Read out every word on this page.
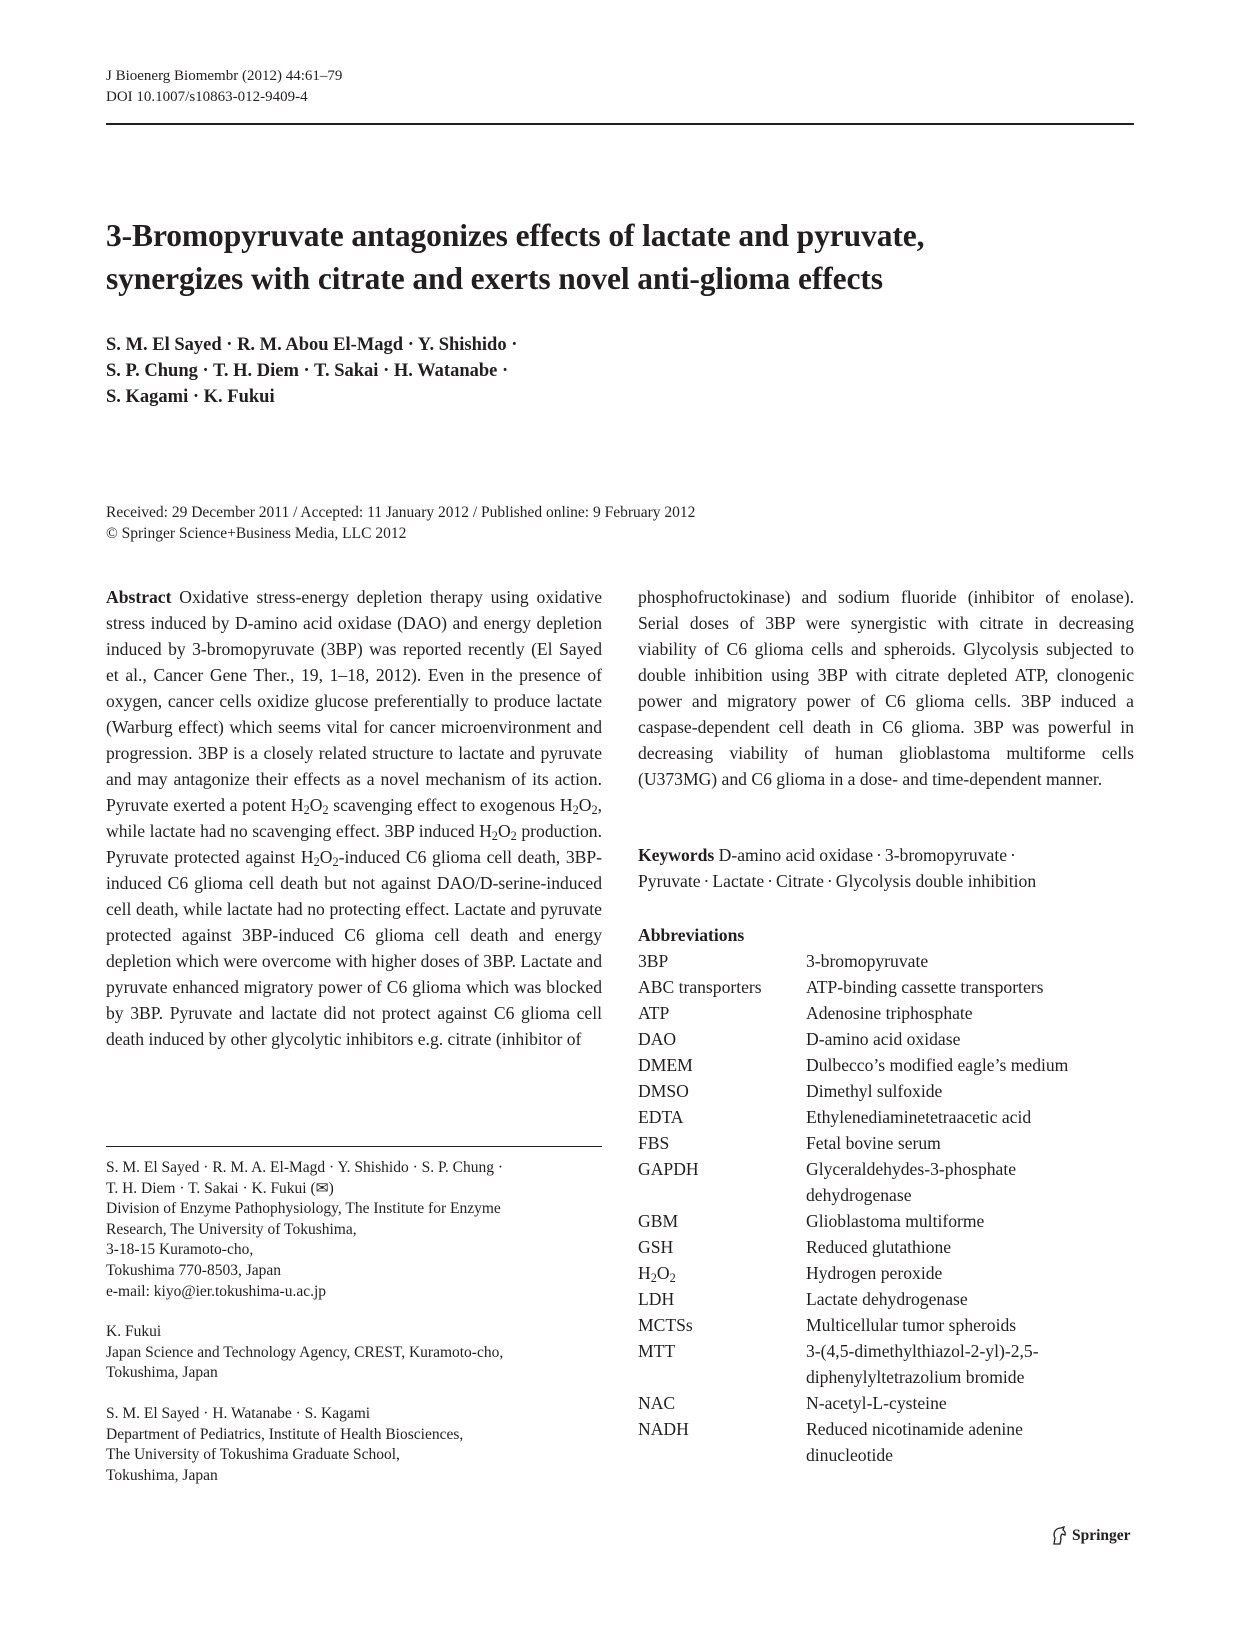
J Bioenerg Biomembr (2012) 44:61–79
DOI 10.1007/s10863-012-9409-4
3-Bromopyruvate antagonizes effects of lactate and pyruvate,
synergizes with citrate and exerts novel anti-glioma effects
S. M. El Sayed · R. M. Abou El-Magd · Y. Shishido ·
S. P. Chung · T. H. Diem · T. Sakai · H. Watanabe ·
S. Kagami · K. Fukui
Received: 29 December 2011 / Accepted: 11 January 2012 / Published online: 9 February 2012
© Springer Science+Business Media, LLC 2012
Abstract Oxidative stress-energy depletion therapy using oxidative stress induced by D-amino acid oxidase (DAO) and energy depletion induced by 3-bromopyruvate (3BP) was reported recently (El Sayed et al., Cancer Gene Ther., 19, 1–18, 2012). Even in the presence of oxygen, cancer cells oxidize glucose preferentially to produce lactate (Warburg effect) which seems vital for cancer microenvironment and progression. 3BP is a closely related structure to lactate and pyruvate and may antagonize their effects as a novel mechanism of its action. Pyruvate exerted a potent $H_2O_2$ scavenging effect to exogenous $H_2O_2$, while lactate had no scavenging effect. 3BP induced $H_2O_2$ production. Pyruvate protected against $H_2O_2$-induced C6 glioma cell death, 3BP-induced C6 glioma cell death but not against DAO/D-serine-induced cell death, while lactate had no protecting effect. Lactate and pyruvate protected against 3BP-induced C6 glioma cell death and energy depletion which were overcome with higher doses of 3BP. Lactate and pyruvate enhanced migratory power of C6 glioma which was blocked by 3BP. Pyruvate and lactate did not protect against C6 glioma cell death induced by other glycolytic inhibitors e.g. citrate (inhibitor of
phosphofructokinase) and sodium fluoride (inhibitor of enolase). Serial doses of 3BP were synergistic with citrate in decreasing viability of C6 glioma cells and spheroids. Glycolysis subjected to double inhibition using 3BP with citrate depleted ATP, clonogenic power and migratory power of C6 glioma cells. 3BP induced a caspase-dependent cell death in C6 glioma. 3BP was powerful in decreasing viability of human glioblastoma multiforme cells (U373MG) and C6 glioma in a dose- and time-dependent manner.
Keywords D-amino acid oxidase · 3-bromopyruvate ·
Pyruvate · Lactate · Citrate · Glycolysis double inhibition
Abbreviations
3BP	3-bromopyruvate
ABC transporters	ATP-binding cassette transporters
ATP	Adenosine triphosphate
DAO	D-amino acid oxidase
DMEM	Dulbecco’s modified eagle’s medium
DMSO	Dimethyl sulfoxide
EDTA	Ethylenediaminetetraacetic acid
FBS	Fetal bovine serum
GAPDH	Glyceraldehydes-3-phosphate dehydrogenase
GBM	Glioblastoma multiforme
GSH	Reduced glutathione
$H_2O_2$	Hydrogen peroxide
LDH	Lactate dehydrogenase
MCTSs	Multicellular tumor spheroids
MTT	3-(4,5-dimethylthiazol-2-yl)-2,5-diphenylyltetrazolium bromide
NAC	N-acetyl-L-cysteine
NADH	Reduced nicotinamide adenine dinucleotide
S. M. El Sayed · R. M. A. El-Magd · Y. Shishido · S. P. Chung ·
T. H. Diem · T. Sakai · K. Fukui (✉)
Division of Enzyme Pathophysiology, The Institute for Enzyme
Research, The University of Tokushima,
3-18-15 Kuramoto-cho,
Tokushima 770-8503, Japan
e-mail: kiyo@ier.tokushima-u.ac.jp
K. Fukui
Japan Science and Technology Agency, CREST, Kuramoto-cho,
Tokushima, Japan
S. M. El Sayed · H. Watanabe · S. Kagami
Department of Pediatrics, Institute of Health Biosciences,
The University of Tokushima Graduate School,
Tokushima, Japan
Springer
